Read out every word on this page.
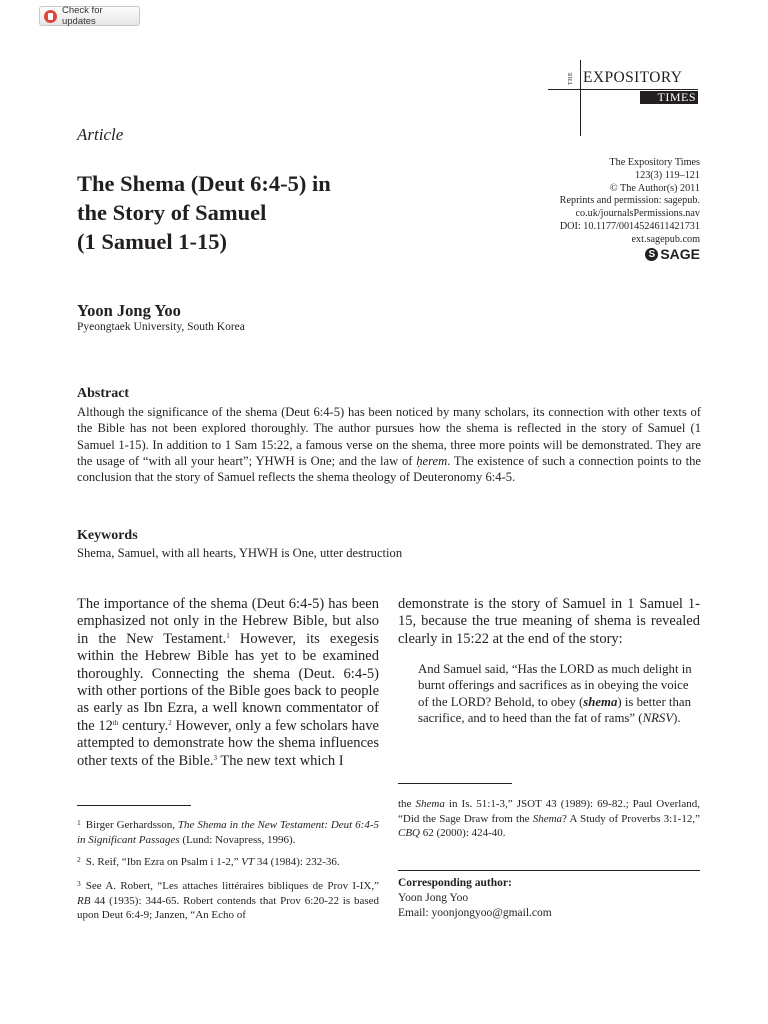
Check for updates
THE EXPOSITORY
TIMES
Article
The Shema (Deut 6:4-5) in
the Story of Samuel
(1 Samuel 1-15)
The Expository Times
123(3) 119–121
© The Author(s) 2011
Reprints and permission: sagepub.
co.uk/journalsPermissions.nav
DOI: 10.1177/0014524611421731
ext.sagepub.com
S SAGE
Yoon Jong Yoo
Pyeongtaek University, South Korea
Abstract
Although the significance of the shema (Deut 6:4-5) has been noticed by many scholars, its connection with other texts of the Bible has not been explored thoroughly. The author pursues how the shema is reflected in the story of Samuel (1 Samuel 1-15). In addition to 1 Sam 15:22, a famous verse on the shema, three more points will be demonstrated. They are the usage of “with all your heart”; YHWH is One; and the law of ḥerem. The existence of such a connection points to the conclusion that the story of Samuel reflects the shema theology of Deuteronomy 6:4-5.
Keywords
Shema, Samuel, with all hearts, YHWH is One, utter destruction
The importance of the shema (Deut 6:4-5) has been emphasized not only in the Hebrew Bible, but also in the New Testament.$^1$ However, its exegesis within the Hebrew Bible has yet to be examined thoroughly. Connecting the shema (Deut. 6:4-5) with other portions of the Bible goes back to people as early as Ibn Ezra, a well known commentator of the 12th century.$^2$ However, only a few scholars have attempted to demonstrate how the shema influences other texts of the Bible.$^3$ The new text which I
demonstrate is the story of Samuel in 1 Samuel 1-15, because the true meaning of shema is revealed clearly in 15:22 at the end of the story:
And Samuel said, “Has the LORD as much delight in burnt offerings and sacrifices as in obeying the voice of the LORD? Behold, to obey (shema) is better than sacrifice, and to heed than the fat of rams” (NRSV).
$^1$ Birger Gerhardsson, The Shema in the New Testament: Deut 6:4-5 in Significant Passages (Lund: Novapress, 1996).
$^2$ S. Reif, “Ibn Ezra on Psalm i 1-2,” VT 34 (1984): 232-36.
$^3$ See A. Robert, “Les attaches littéraires bibliques de Prov I-IX,” RB 44 (1935): 344-65. Robert contends that Prov 6:20-22 is based upon Deut 6:4-9; Janzen, “An Echo of
the Shema in Is. 51:1-3,” JSOT 43 (1989): 69-82.; Paul Overland, “Did the Sage Draw from the Shema? A Study of Proverbs 3:1-12,” CBQ 62 (2000): 424-40.
Corresponding author:
Yoon Jong Yoo
Email: yoonjongyoo@gmail.com
